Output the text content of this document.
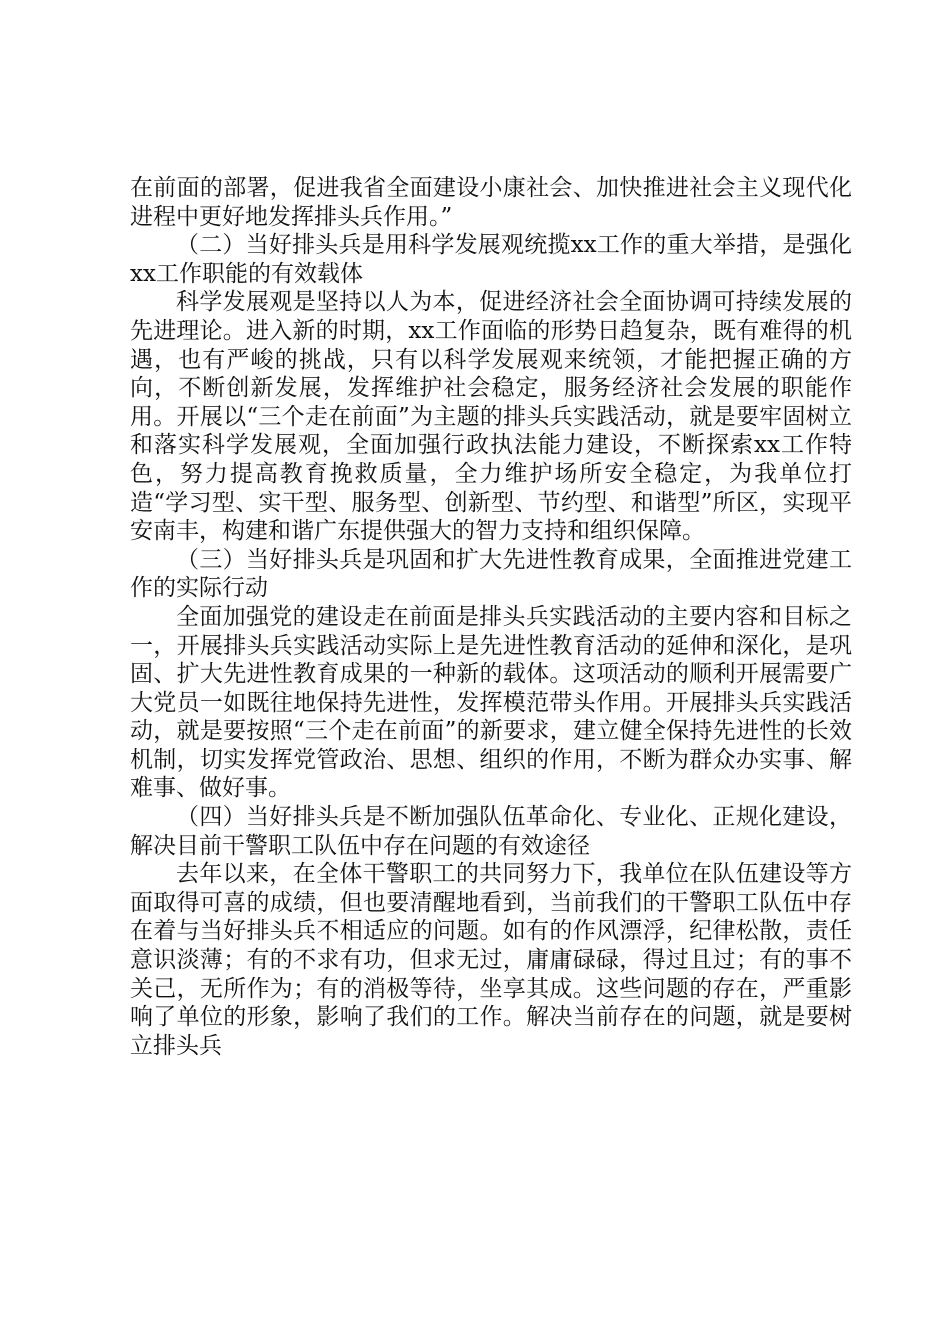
在前面的部署，促进我省全面建设小康社会、加快推进社会主义现代化进程中更好地发挥排头兵作用。”

（二）当好排头兵是用科学发展观统揽xx工作的重大举措，是强化xx工作职能的有效载体

科学发展观是坚持以人为本，促进经济社会全面协调可持续发展的先进理论。进入新的时期，xx工作面临的形势日趋复杂，既有难得的机遇，也有严峻的挑战，只有以科学发展观来统领，才能把握正确的方向，不断创新发展，发挥维护社会稳定，服务经济社会发展的职能作用。开展以“三个走在前面”为主题的排头兵实践活动，就是要牢固树立和落实科学发展观，全面加强行政执法能力建设，不断探索xx工作特色，努力提高教育挽救质量，全力维护场所安全稳定，为我单位打造“学习型、实干型、服务型、创新型、节约型、和谐型”所区，实现平安南丰，构建和谐广东提供强大的智力支持和组织保障。

（三）当好排头兵是巩固和扩大先进性教育成果，全面推进党建工作的实际行动

全面加强党的建设走在前面是排头兵实践活动的主要内容和目标之一，开展排头兵实践活动实际上是先进性教育活动的延伸和深化，是巩固、扩大先进性教育成果的一种新的载体。这项活动的顺利开展需要广大党员一如既往地保持先进性，发挥模范带头作用。开展排头兵实践活动，就是要按照“三个走在前面”的新要求，建立健全保持先进性的长效机制，切实发挥党管政治、思想、组织的作用，不断为群众办实事、解难事、做好事。

（四）当好排头兵是不断加强队伍革命化、专业化、正规化建设，解决目前干警职工队伍中存在问题的有效途径

去年以来，在全体干警职工的共同努力下，我单位在队伍建设等方面取得可喜的成绩，但也要清醒地看到，当前我们的干警职工队伍中存在着与当好排头兵不相适应的问题。如有的作风漂浮，纪律松散，责任意识淡薄；有的不求有功，但求无过，庸庸碌碌，得过且过；有的事不关己，无所作为；有的消极等待，坐享其成。这些问题的存在，严重影响了单位的形象，影响了我们的工作。解决当前存在的问题，就是要树立排头兵
